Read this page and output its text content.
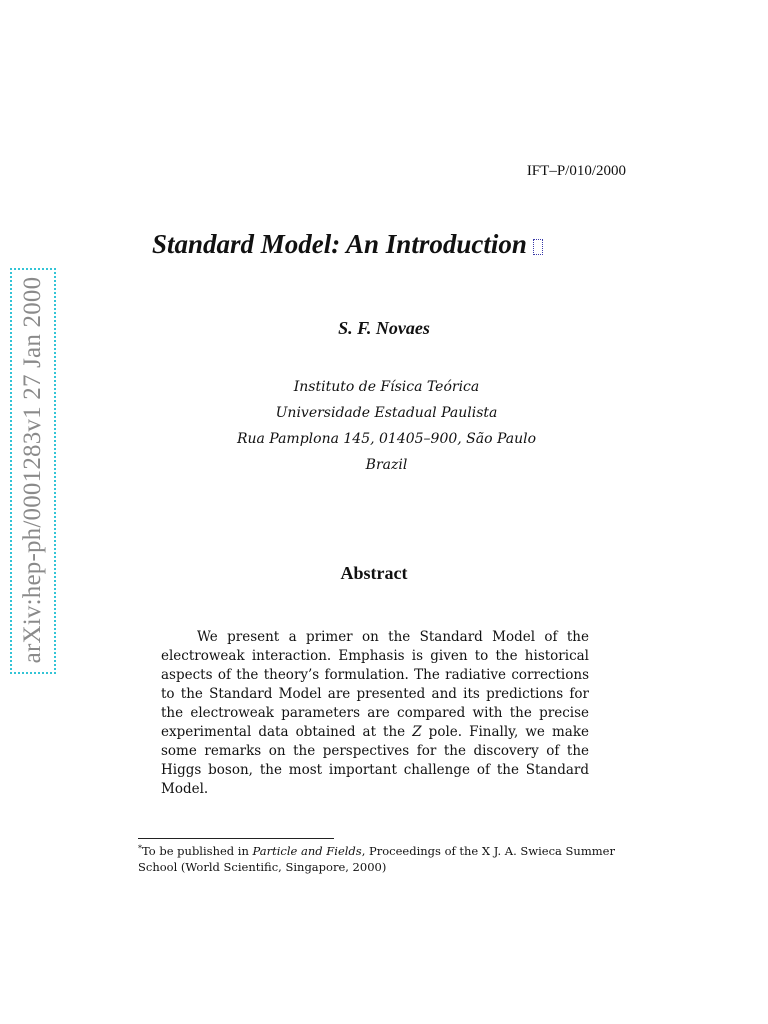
IFT–P/010/2000
arXiv:hep-ph/0001283v1 27 Jan 2000
Standard Model: An Introduction
S. F. Novaes
Instituto de Física Teórica
Universidade Estadual Paulista
Rua Pamplona 145, 01405–900, São Paulo
Brazil
Abstract
We present a primer on the Standard Model of the electroweak interaction. Emphasis is given to the historical aspects of the theory’s formulation. The radiative corrections to the Standard Model are presented and its predictions for the electroweak parameters are compared with the precise experimental data obtained at the Z pole. Finally, we make some remarks on the perspectives for the discovery of the Higgs boson, the most important challenge of the Standard Model.
*To be published in Particle and Fields, Proceedings of the X J. A. Swieca Summer School (World Scientific, Singapore, 2000)
